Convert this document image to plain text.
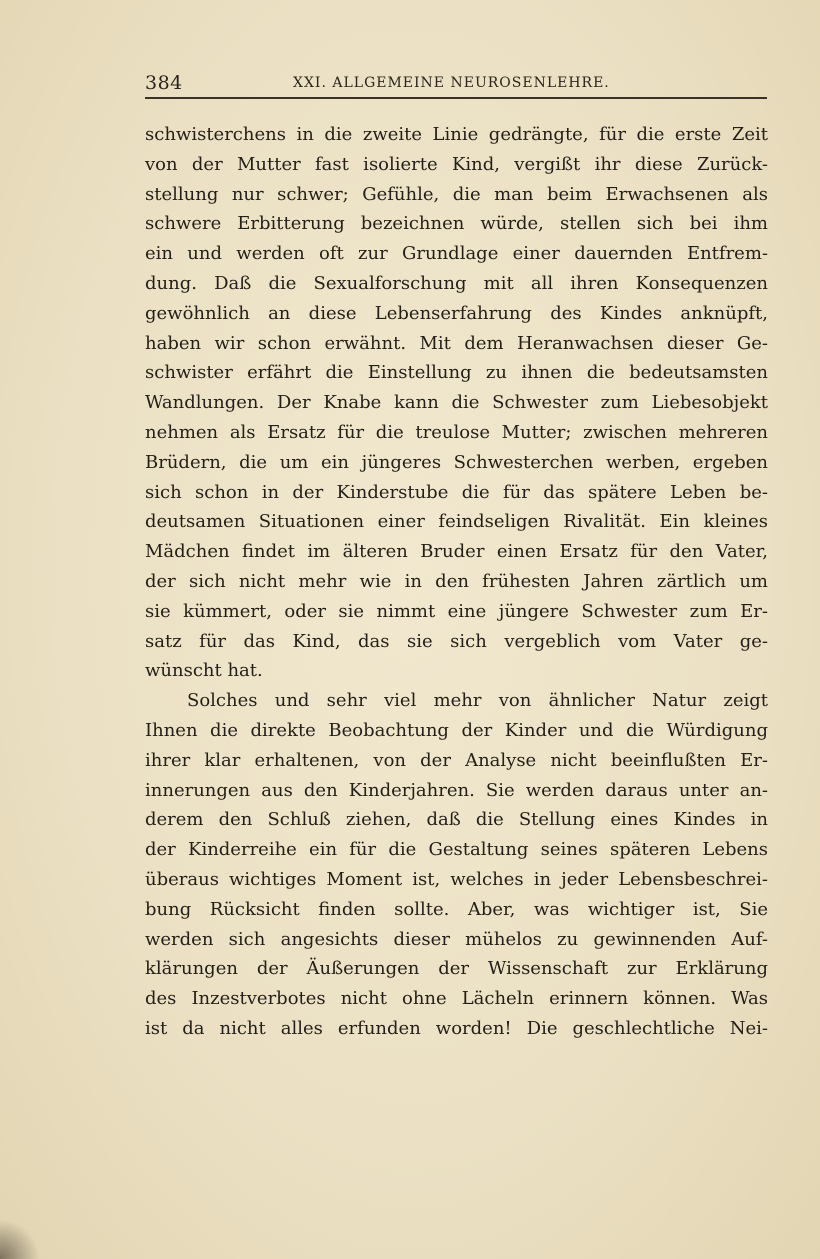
384	XXI. ALLGEMEINE NEUROSENLEHRE.
schwisterchens in die zweite Linie gedrängte, für die erste Zeit
von der Mutter fast isolierte Kind, vergißt ihr diese Zurück-
stellung nur schwer; Gefühle, die man beim Erwachsenen als
schwere Erbitterung bezeichnen würde, stellen sich bei ihm
ein und werden oft zur Grundlage einer dauernden Entfrem-
dung. Daß die Sexualforschung mit all ihren Konsequenzen
gewöhnlich an diese Lebenserfahrung des Kindes anknüpft,
haben wir schon erwähnt. Mit dem Heranwachsen dieser Ge-
schwister erfährt die Einstellung zu ihnen die bedeutsamsten
Wandlungen. Der Knabe kann die Schwester zum Liebesobjekt
nehmen als Ersatz für die treulose Mutter; zwischen mehreren
Brüdern, die um ein jüngeres Schwesterchen werben, ergeben
sich schon in der Kinderstube die für das spätere Leben be-
deutsamen Situationen einer feindseligen Rivalität. Ein kleines
Mädchen findet im älteren Bruder einen Ersatz für den Vater,
der sich nicht mehr wie in den frühesten Jahren zärtlich um
sie kümmert, oder sie nimmt eine jüngere Schwester zum Er-
satz für das Kind, das sie sich vergeblich vom Vater ge-
wünscht hat.
Solches und sehr viel mehr von ähnlicher Natur zeigt
Ihnen die direkte Beobachtung der Kinder und die Würdigung
ihrer klar erhaltenen, von der Analyse nicht beeinflußten Er-
innerungen aus den Kinderjahren. Sie werden daraus unter an-
derem den Schluß ziehen, daß die Stellung eines Kindes in
der Kinderreihe ein für die Gestaltung seines späteren Lebens
überaus wichtiges Moment ist, welches in jeder Lebensbeschrei-
bung Rücksicht finden sollte. Aber, was wichtiger ist, Sie
werden sich angesichts dieser mühelos zu gewinnenden Auf-
klärungen der Äußerungen der Wissenschaft zur Erklärung
des Inzestverbotes nicht ohne Lächeln erinnern können. Was
ist da nicht alles erfunden worden! Die geschlechtliche Nei-
